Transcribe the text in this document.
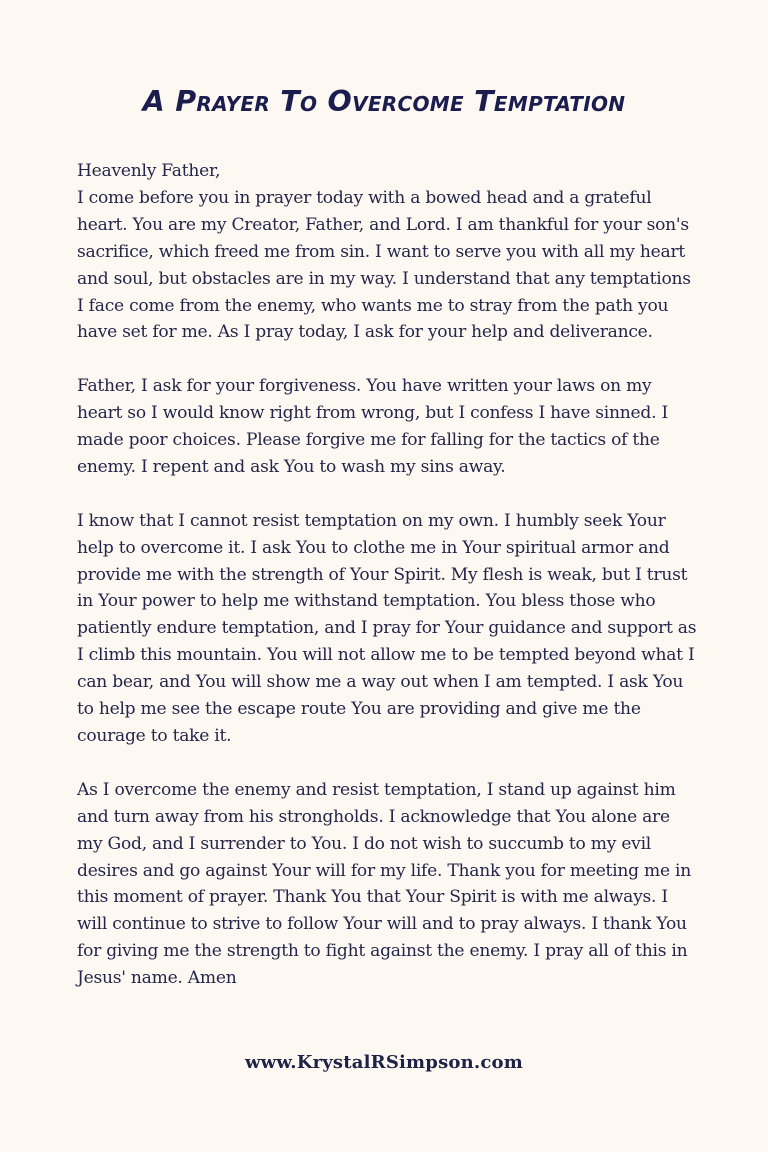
A Prayer To Overcome Temptation

Heavenly Father,
I come before you in prayer today with a bowed head and a grateful heart. You are my Creator, Father, and Lord. I am thankful for your son's sacrifice, which freed me from sin. I want to serve you with all my heart and soul, but obstacles are in my way. I understand that any temptations I face come from the enemy, who wants me to stray from the path you have set for me. As I pray today, I ask for your help and deliverance.

Father, I ask for your forgiveness. You have written your laws on my heart so I would know right from wrong, but I confess I have sinned. I made poor choices. Please forgive me for falling for the tactics of the enemy. I repent and ask You to wash my sins away.

I know that I cannot resist temptation on my own. I humbly seek Your help to overcome it. I ask You to clothe me in Your spiritual armor and provide me with the strength of Your Spirit. My flesh is weak, but I trust in Your power to help me withstand temptation. You bless those who patiently endure temptation, and I pray for Your guidance and support as I climb this mountain. You will not allow me to be tempted beyond what I can bear, and You will show me a way out when I am tempted. I ask You to help me see the escape route You are providing and give me the courage to take it.

As I overcome the enemy and resist temptation, I stand up against him and turn away from his strongholds. I acknowledge that You alone are my God, and I surrender to You. I do not wish to succumb to my evil desires and go against Your will for my life. Thank you for meeting me in this moment of prayer. Thank You that Your Spirit is with me always. I will continue to strive to follow Your will and to pray always. I thank You for giving me the strength to fight against the enemy. I pray all of this in Jesus' name. Amen

www.KrystalRSimpson.com
